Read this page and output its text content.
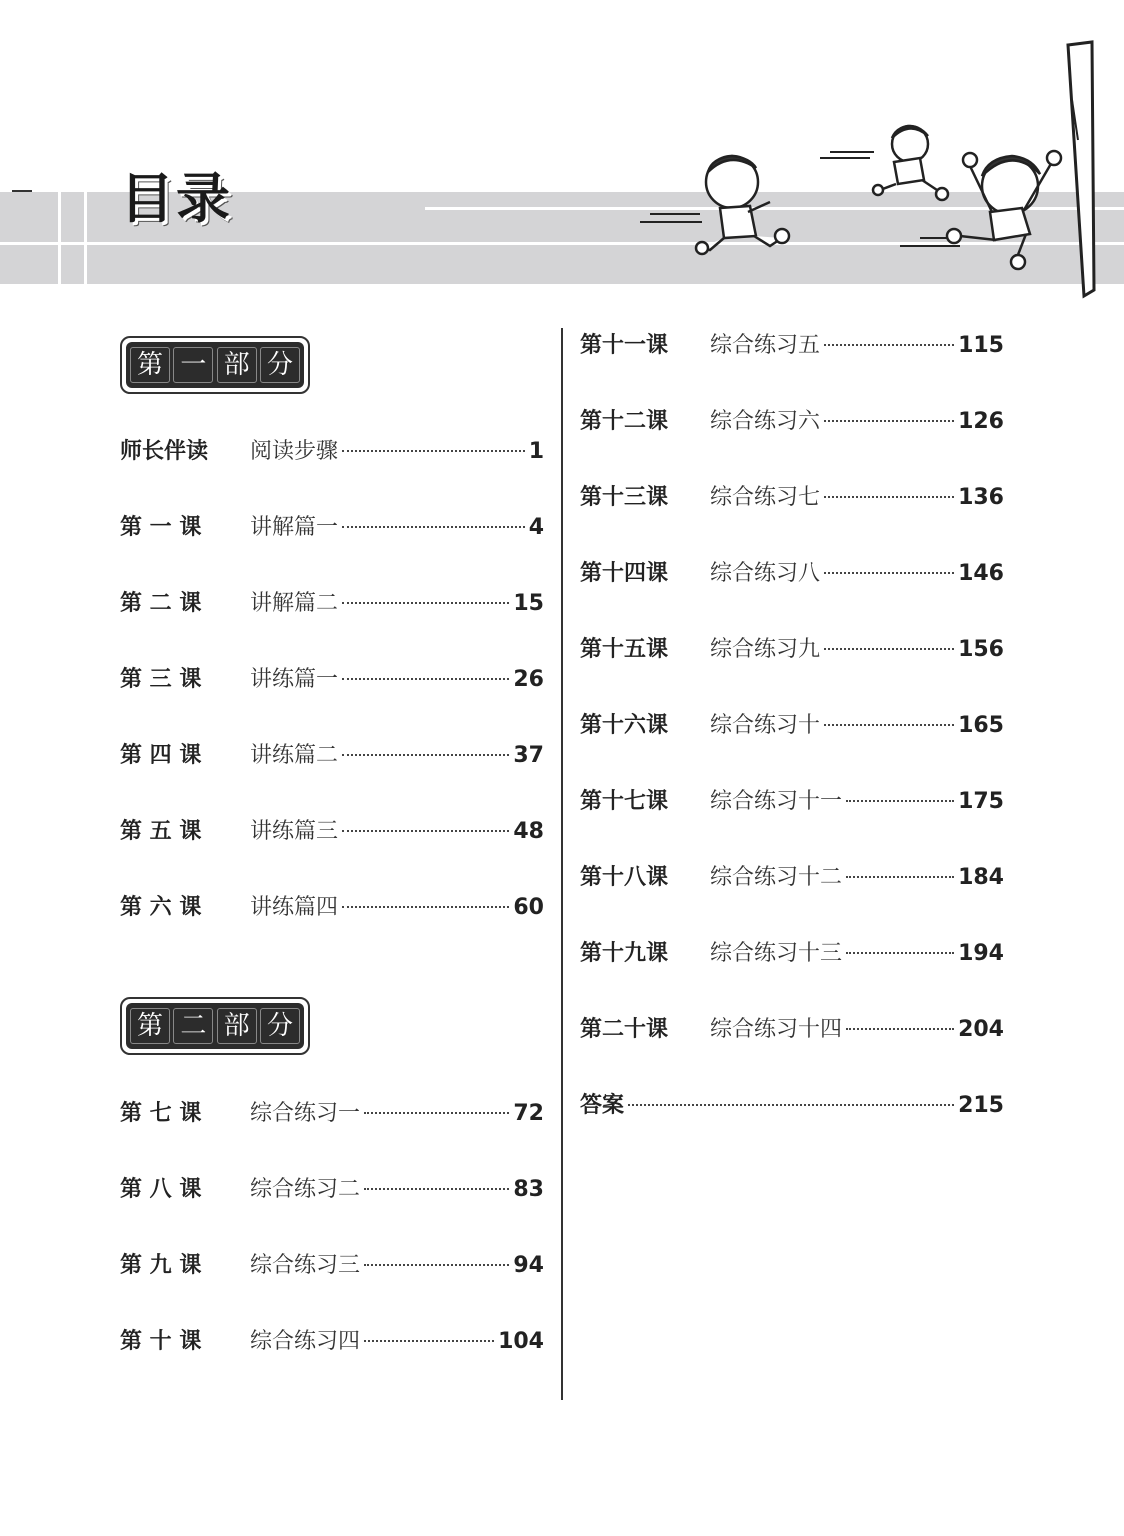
目录
第 一 部 分
第 二 部 分
师长伴读	阅读步骤	1
第 一 课	讲解篇一	4
第 二 课	讲解篇二	15
第 三 课	讲练篇一	26
第 四 课	讲练篇二	37
第 五 课	讲练篇三	48
第 六 课	讲练篇四	60
第 七 课	综合练习一	72
第 八 课	综合练习二	83
第 九 课	综合练习三	94
第 十 课	综合练习四	104
第十一课	综合练习五	115
第十二课	综合练习六	126
第十三课	综合练习七	136
第十四课	综合练习八	146
第十五课	综合练习九	156
第十六课	综合练习十	165
第十七课	综合练习十一	175
第十八课	综合练习十二	184
第十九课	综合练习十三	194
第二十课	综合练习十四	204
答案	215
